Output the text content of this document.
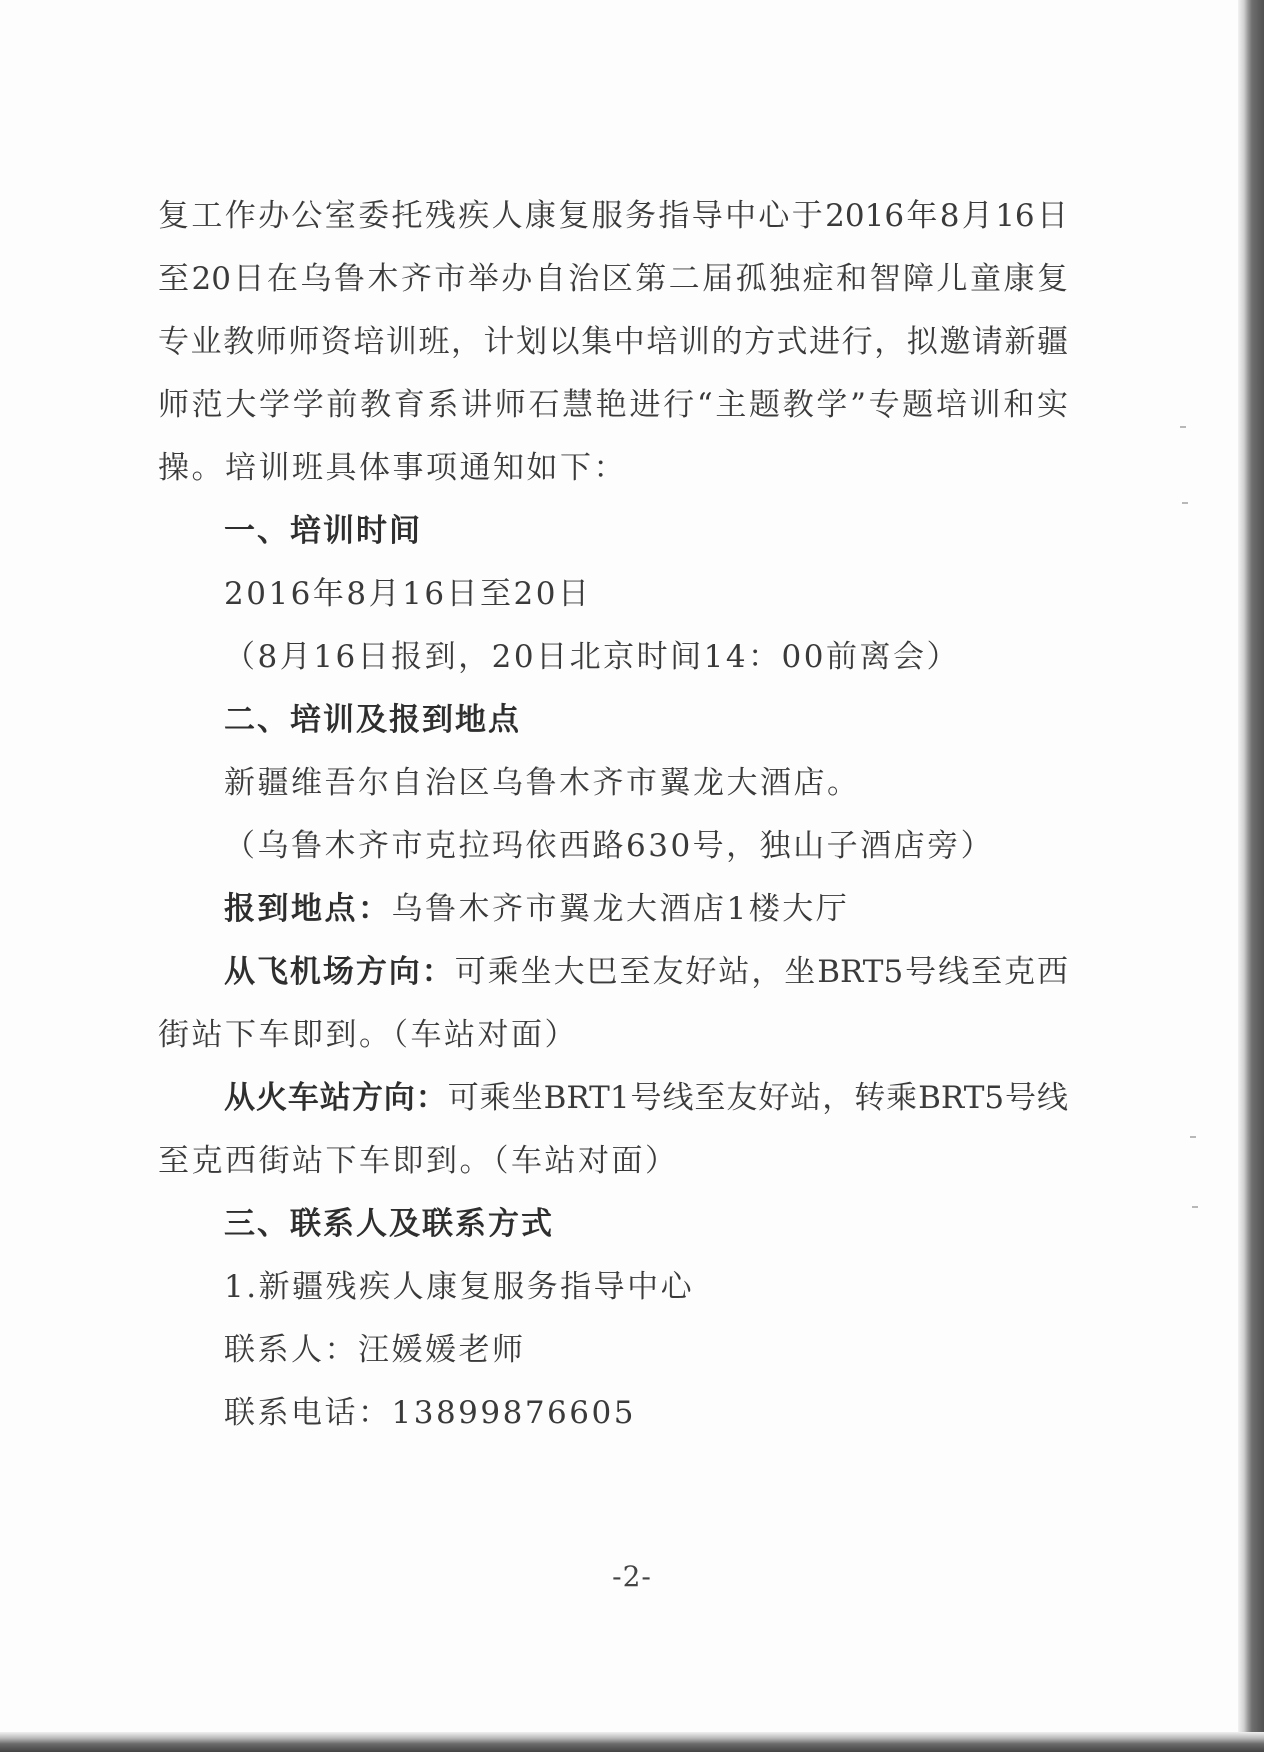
复工作办公室委托残疾人康复服务指导中心于2016年8月16日
至20日在乌鲁木齐市举办自治区第二届孤独症和智障儿童康复
专业教师师资培训班，计划以集中培训的方式进行，拟邀请新疆
师范大学学前教育系讲师石慧艳进行“主题教学”专题培训和实
操。培训班具体事项通知如下：
一、培训时间
2016年8月16日至20日
（8月16日报到，20日北京时间14：00前离会）
二、培训及报到地点
新疆维吾尔自治区乌鲁木齐市翼龙大酒店。
（乌鲁木齐市克拉玛依西路630号，独山子酒店旁）
报到地点：乌鲁木齐市翼龙大酒店1楼大厅
从飞机场方向：可乘坐大巴至友好站，坐BRT5号线至克西
街站下车即到。（车站对面）
从火车站方向：可乘坐BRT1号线至友好站，转乘BRT5号线
至克西街站下车即到。（车站对面）
三、联系人及联系方式
1.新疆残疾人康复服务指导中心
联系人：汪媛媛老师
联系电话：13899876605
-2-
